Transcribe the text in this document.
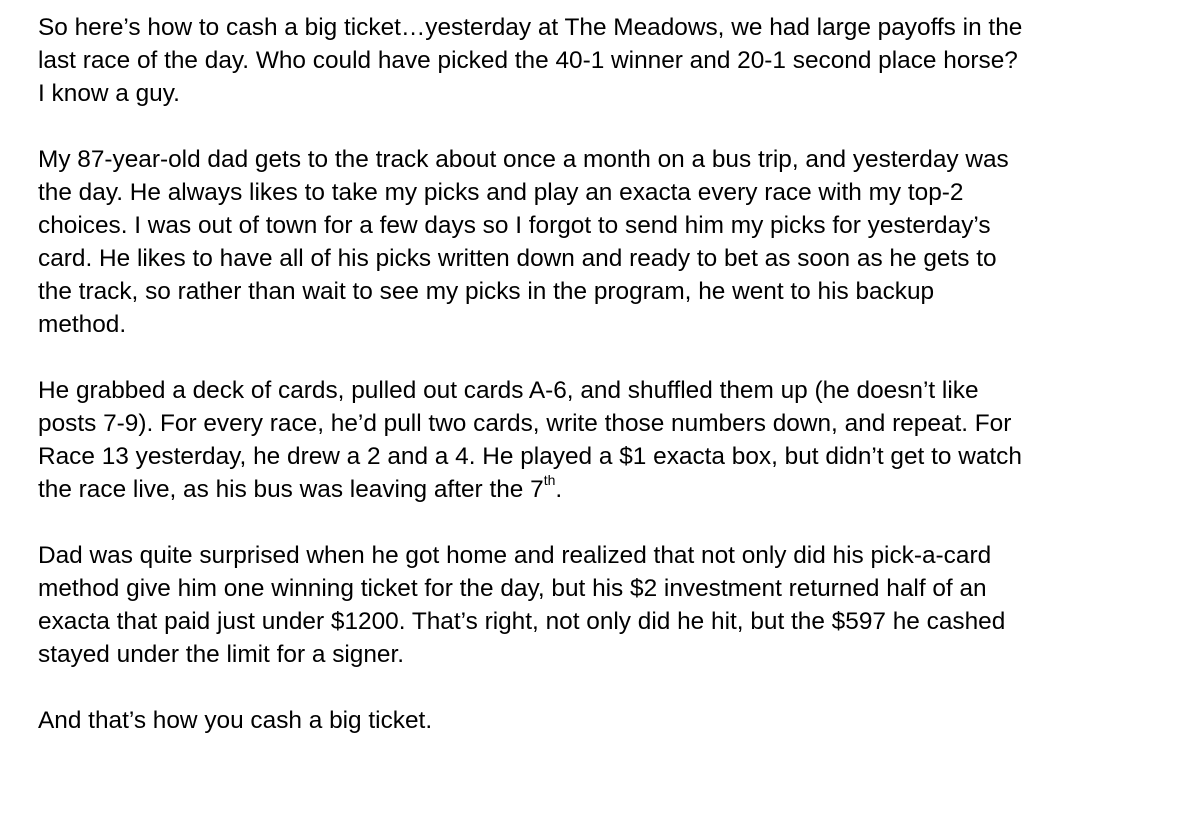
So here’s how to cash a big ticket…yesterday at The Meadows, we had large payoffs in the
last race of the day. Who could have picked the 40-1 winner and 20-1 second place horse?
I know a guy.

My 87-year-old dad gets to the track about once a month on a bus trip, and yesterday was
the day. He always likes to take my picks and play an exacta every race with my top-2
choices. I was out of town for a few days so I forgot to send him my picks for yesterday’s
card. He likes to have all of his picks written down and ready to bet as soon as he gets to
the track, so rather than wait to see my picks in the program, he went to his backup
method.

He grabbed a deck of cards, pulled out cards A-6, and shuffled them up (he doesn’t like
posts 7-9). For every race, he’d pull two cards, write those numbers down, and repeat. For
Race 13 yesterday, he drew a 2 and a 4. He played a $1 exacta box, but didn’t get to watch
the race live, as his bus was leaving after the 7th.

Dad was quite surprised when he got home and realized that not only did his pick-a-card
method give him one winning ticket for the day, but his $2 investment returned half of an
exacta that paid just under $1200. That’s right, not only did he hit, but the $597 he cashed
stayed under the limit for a signer.

And that’s how you cash a big ticket.
